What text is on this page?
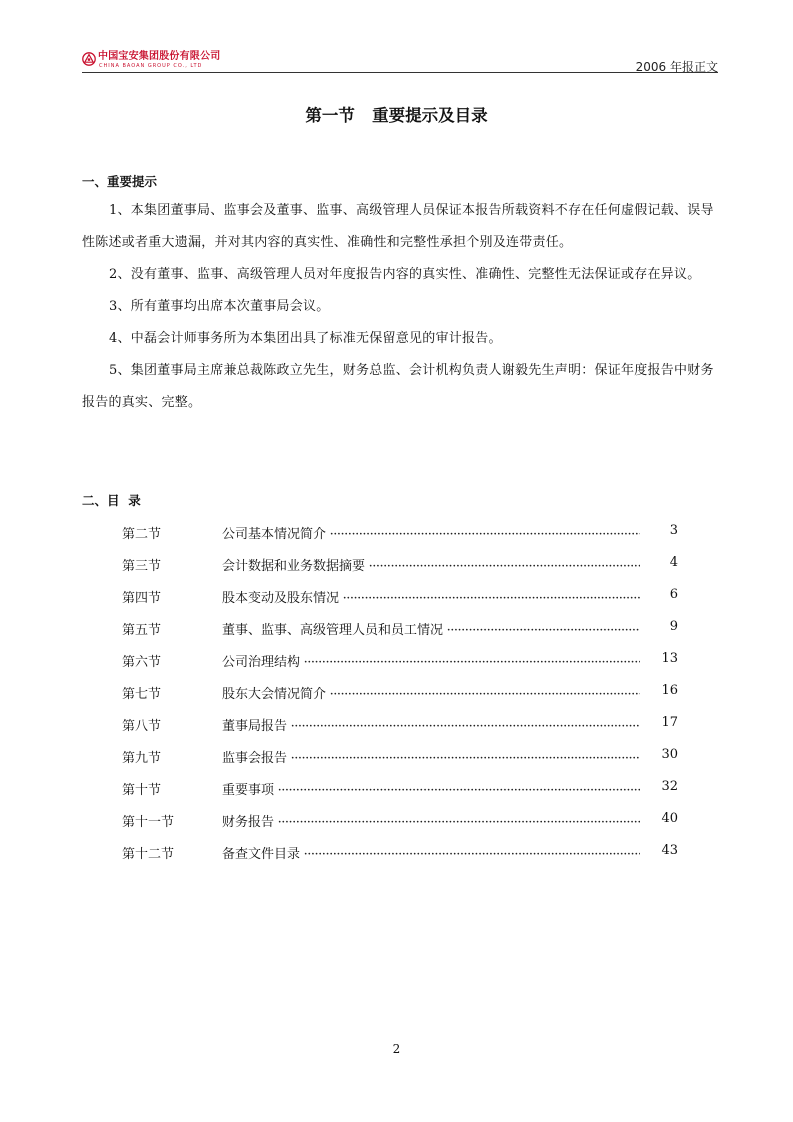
中国宝安集团股份有限公司
CHINA BAOAN GROUP CO., LTD	2006 年报正文
第一节   重要提示及目录
一、重要提示

1、本集团董事局、监事会及董事、监事、高级管理人员保证本报告所载资料不存在任何虚假记载、误导性陈述或者重大遗漏，并对其内容的真实性、准确性和完整性承担个别及连带责任。

2、没有董事、监事、高级管理人员对年度报告内容的真实性、准确性、完整性无法保证或存在异议。

3、所有董事均出席本次董事局会议。

4、中磊会计师事务所为本集团出具了标准无保留意见的审计报告。

5、集团董事局主席兼总裁陈政立先生，财务总监、会计机构负责人谢毅先生声明：保证年度报告中财务报告的真实、完整。

二、目  录
第二节	公司基本情况简介 ·····	3
第三节	会计数据和业务数据摘要 ·····	4
第四节	股本变动及股东情况 ·····	6
第五节	董事、监事、高级管理人员和员工情况 ·····	9
第六节	公司治理结构 ·····	13
第七节	股东大会情况简介 ·····	16
第八节	董事局报告 ·····	17
第九节	监事会报告 ·····	30
第十节	重要事项 ·····	32
第十一节	财务报告 ·····	40
第十二节	备查文件目录 ·····	43
2
